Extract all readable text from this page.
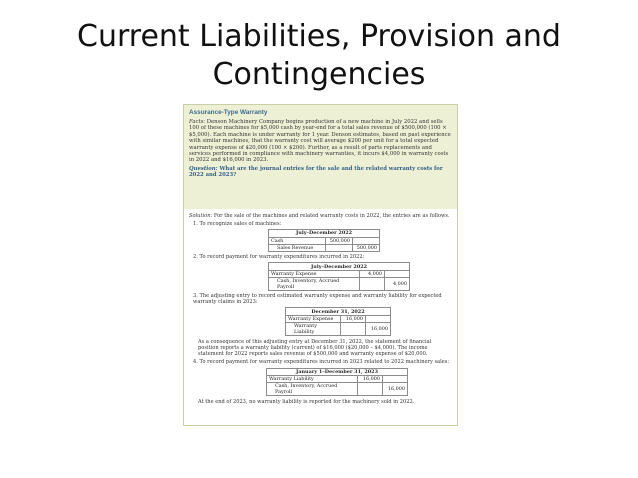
Current Liabilities, Provision and
Contingencies
Assurance-Type Warranty
Facts: Denson Machinery Company begins production of a new machine in July 2022 and sells 100 of these machines for $5,000 cash by year-end for a total sales revenue of $500,000 (100 × $5,000). Each machine is under warranty for 1 year. Denson estimates, based on past experience with similar machines, that the warranty cost will average $200 per unit for a total expected warranty expense of $20,000 (100 × $200). Further, as a result of parts replacements and services performed in compliance with machinery warranties, it incurs $4,000 in warranty costs in 2022 and $16,000 in 2023.
Question: What are the journal entries for the sale and the related warranty costs for 2022 and 2023?
Solution: For the sale of the machines and related warranty costs in 2022, the entries are as follows.
1. To recognize sales of machines:
July–December 2022		
Cash	500,000	
Sales Revenue		500,000
2. To record payment for warranty expenditures incurred in 2022:
July–December 2022		
Warranty Expense	4,000	
Cash, Inventory, Accrued Payroll		4,000
3. The adjusting entry to record estimated warranty expense and warranty liability for expected warranty claims in 2023:
December 31, 2022		
Warranty Expense	16,000	
Warranty Liability		16,000
As a consequence of this adjusting entry at December 31, 2022, the statement of financial position reports a warranty liability (current) of $16,000 ($20,000 – $4,000). The income statement for 2022 reports sales revenue of $500,000 and warranty expense of $20,000.
4. To record payment for warranty expenditures incurred in 2023 related to 2022 machinery sales:
January 1–December 31, 2023		
Warranty Liability	16,000	
Cash, Inventory, Accrued Payroll		16,000
At the end of 2023, no warranty liability is reported for the machinery sold in 2022.
